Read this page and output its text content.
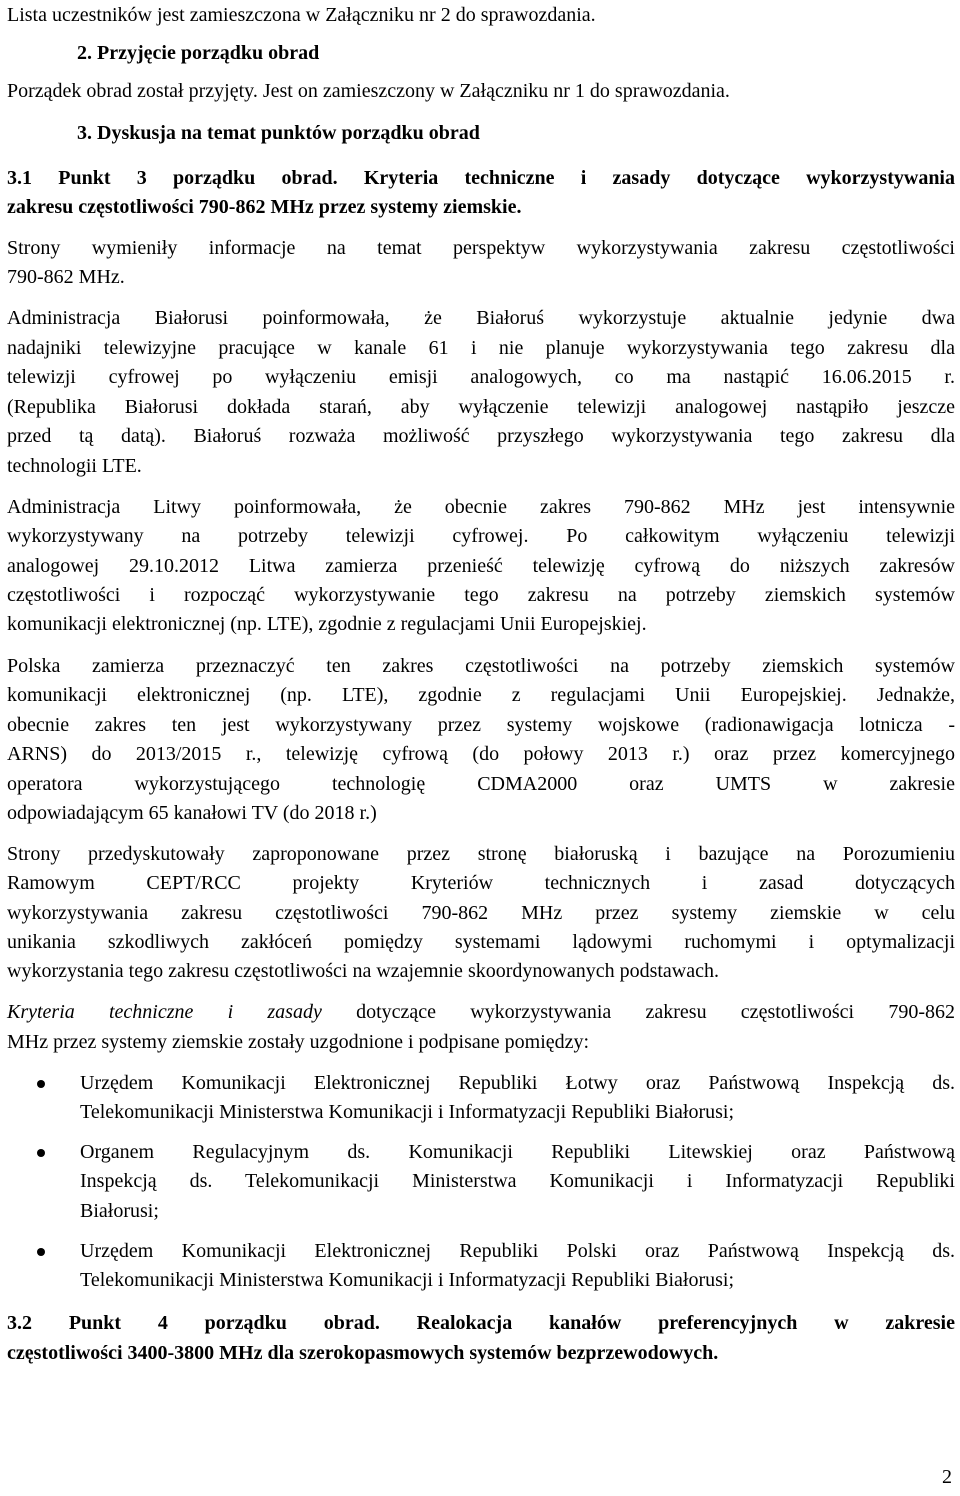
Lista uczestników jest zamieszczona w Załączniku nr 2 do sprawozdania.
2. Przyjęcie porządku obrad
Porządek obrad został przyjęty. Jest on zamieszczony w Załączniku nr 1 do sprawozdania.
3. Dyskusja na temat punktów porządku obrad
3.1 Punkt 3 porządku obrad. Kryteria techniczne i zasady dotyczące wykorzystywania
zakresu częstotliwości 790-862 MHz przez systemy ziemskie.
Strony wymieniły informacje na temat perspektyw wykorzystywania zakresu częstotliwości
790-862 MHz.
Administracja Białorusi poinformowała, że Białoruś wykorzystuje aktualnie jedynie dwa
nadajniki telewizyjne pracujące w kanale 61 i nie planuje wykorzystywania tego zakresu dla
telewizji cyfrowej po wyłączeniu emisji analogowych, co ma nastąpić 16.06.2015 r.
(Republika Białorusi dokłada starań, aby wyłączenie telewizji analogowej nastąpiło jeszcze
przed tą datą). Białoruś rozważa możliwość przyszłego wykorzystywania tego zakresu dla
technologii LTE.
Administracja Litwy poinformowała, że obecnie zakres 790-862 MHz jest intensywnie
wykorzystywany na potrzeby telewizji cyfrowej. Po całkowitym wyłączeniu telewizji
analogowej 29.10.2012 Litwa zamierza przenieść telewizję cyfrową do niższych zakresów
częstotliwości i rozpocząć wykorzystywanie tego zakresu na potrzeby ziemskich systemów
komunikacji elektronicznej (np. LTE), zgodnie z regulacjami Unii Europejskiej.
Polska zamierza przeznaczyć ten zakres częstotliwości na potrzeby ziemskich systemów
komunikacji elektronicznej (np. LTE), zgodnie z regulacjami Unii Europejskiej. Jednakże,
obecnie zakres ten jest wykorzystywany przez systemy wojskowe (radionawigacja lotnicza -
ARNS) do 2013/2015 r., telewizję cyfrową (do połowy 2013 r.) oraz przez komercyjnego
operatora wykorzystującego technologię CDMA2000 oraz UMTS w zakresie
odpowiadającym 65 kanałowi TV (do 2018 r.)
Strony przedyskutowały zaproponowane przez stronę białoruską i bazujące na Porozumieniu
Ramowym CEPT/RCC projekty Kryteriów technicznych i zasad dotyczących
wykorzystywania zakresu częstotliwości 790-862 MHz przez systemy ziemskie w celu
unikania szkodliwych zakłóceń pomiędzy systemami lądowymi ruchomymi i optymalizacji
wykorzystania tego zakresu częstotliwości na wzajemnie skoordynowanych podstawach.
Kryteria techniczne i zasady dotyczące wykorzystywania zakresu częstotliwości 790-862
MHz przez systemy ziemskie zostały uzgodnione i podpisane pomiędzy:
Urzędem Komunikacji Elektronicznej Republiki Łotwy oraz Państwową Inspekcją ds.
Telekomunikacji Ministerstwa Komunikacji i Informatyzacji Republiki Białorusi;
Organem Regulacyjnym ds. Komunikacji Republiki Litewskiej oraz Państwową
Inspekcją ds. Telekomunikacji Ministerstwa Komunikacji i Informatyzacji Republiki
Białorusi;
Urzędem Komunikacji Elektronicznej Republiki Polski oraz Państwową Inspekcją ds.
Telekomunikacji Ministerstwa Komunikacji i Informatyzacji Republiki Białorusi;
3.2 Punkt 4 porządku obrad. Realokacja kanałów preferencyjnych w zakresie
częstotliwości 3400-3800 MHz dla szerokopasmowych systemów bezprzewodowych.
2
